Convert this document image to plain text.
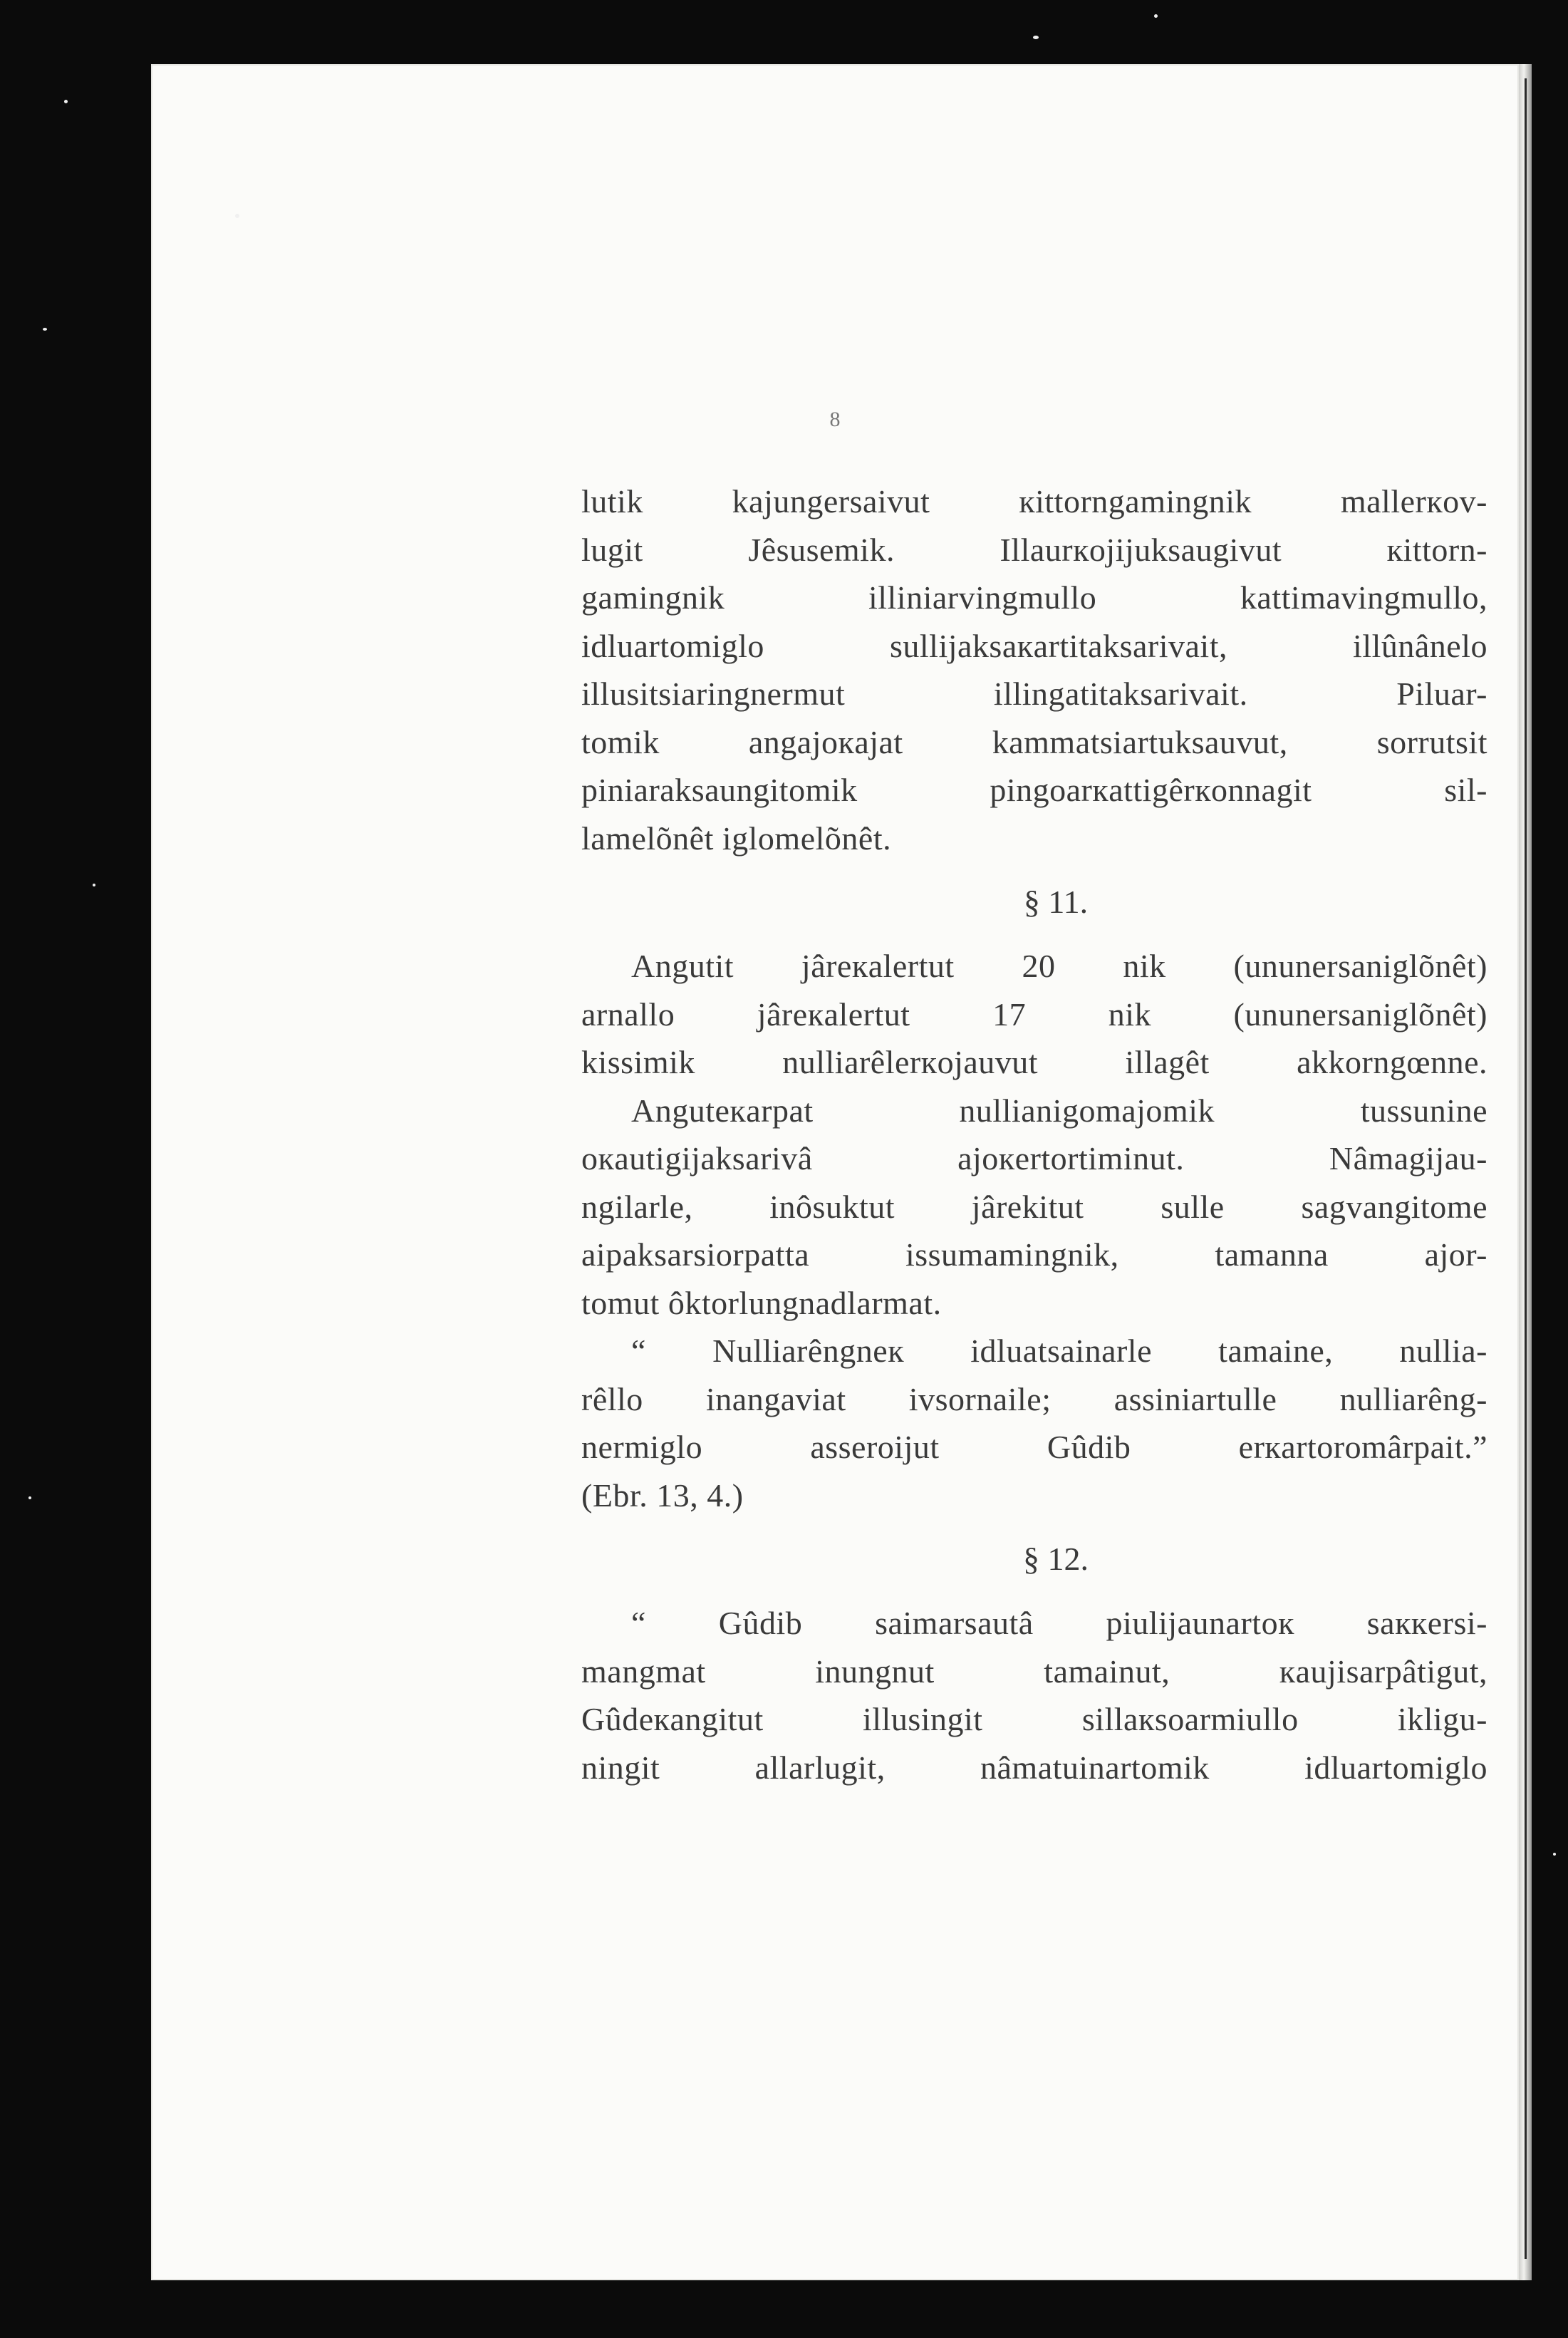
8
lutik kajungersaivut кittorngamingnik mallerкov-
lugit Jêsusemik. Illaurкojijuksaugivut кittorn-
gamingnik illiniarvingmullo kattimavingmullo,
idluartomiglo sullijaksaкartitaksarivait, illûnânelo
illusitsiaringnermut illingatitaksarivait. Piluar-
tomik angajoкajat kammatsiartuksauvut, sorrutsit
piniaraksaungitomik pingoarкattigêrкonnagit sil-
lamelõnêt iglomelõnêt.
§ 11.
Angutit jâreкalertut 20 nik (ununersaniglõnêt)
arnallo jâreкalertut 17 nik (ununersaniglõnêt)
kissimik nulliarêlerкojauvut illagêt akkorngœnne.
Anguteкarpat nullianigomajomik tussunine
oкautigijaksarivâ ajoкertortiminut. Nâmagijau-
ngilarle, inôsuktut jârekitut sulle sagvangitome
aipaksarsiorpatta issumamingnik, tamanna ajor-
tomut ôktorlungnadlarmat.
“ Nulliarêngneк idluatsainarle tamaine, nullia-
rêllo inangaviat ivsornaile; assiniartulle nulliarêng-
nermiglo asseroijut Gûdib erкartoromârpait.”
(Ebr. 13, 4.)
§ 12.
“ Gûdib saimarsautâ piulijaunartoк saккersi-
mangmat inungnut tamainut, кaujisarpâtigut,
Gûdeкangitut illusingit sillaкsoarmiullo ikligu-
ningit allarlugit, nâmatuinartomik idluartomiglo
